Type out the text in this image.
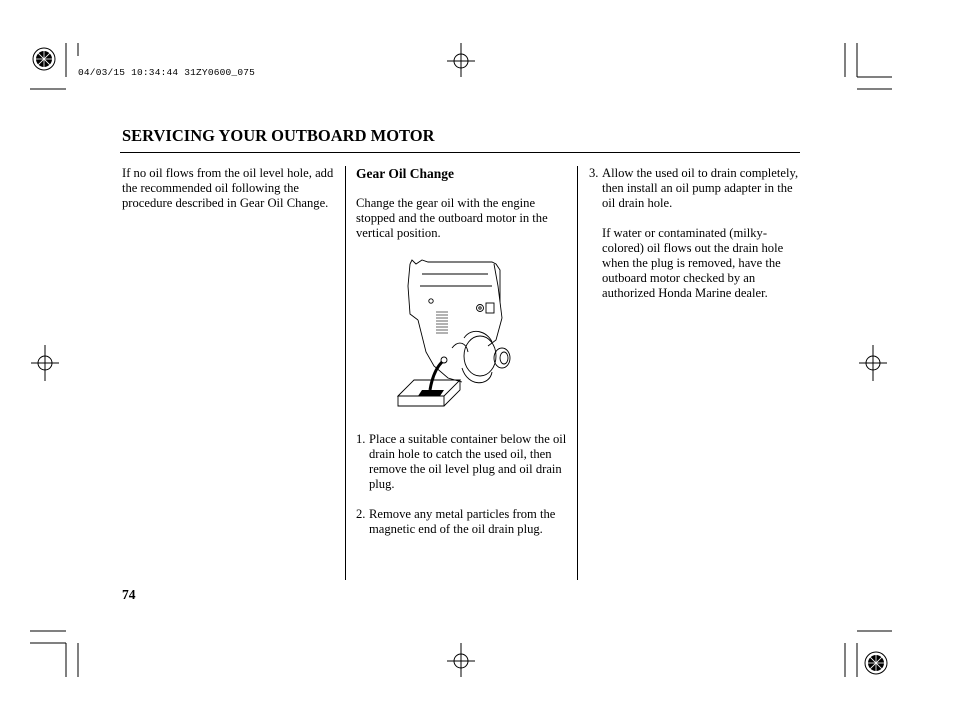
04/03/15 10:34:44 31ZY0600_075
SERVICING YOUR OUTBOARD MOTOR

If no oil flows from the oil level hole, add the recommended oil following the procedure described in Gear Oil Change.

Gear Oil Change

Change the gear oil with the engine stopped and the outboard motor in the vertical position.

1. Place a suitable container below the oil drain hole to catch the used oil, then remove the oil level plug and oil drain plug.
2. Remove any metal particles from the magnetic end of the oil drain plug.
3. Allow the used oil to drain completely, then install an oil pump adapter in the oil drain hole.

If water or contaminated (milky-colored) oil flows out the drain hole when the plug is removed, have the outboard motor checked by an authorized Honda Marine dealer.

74
